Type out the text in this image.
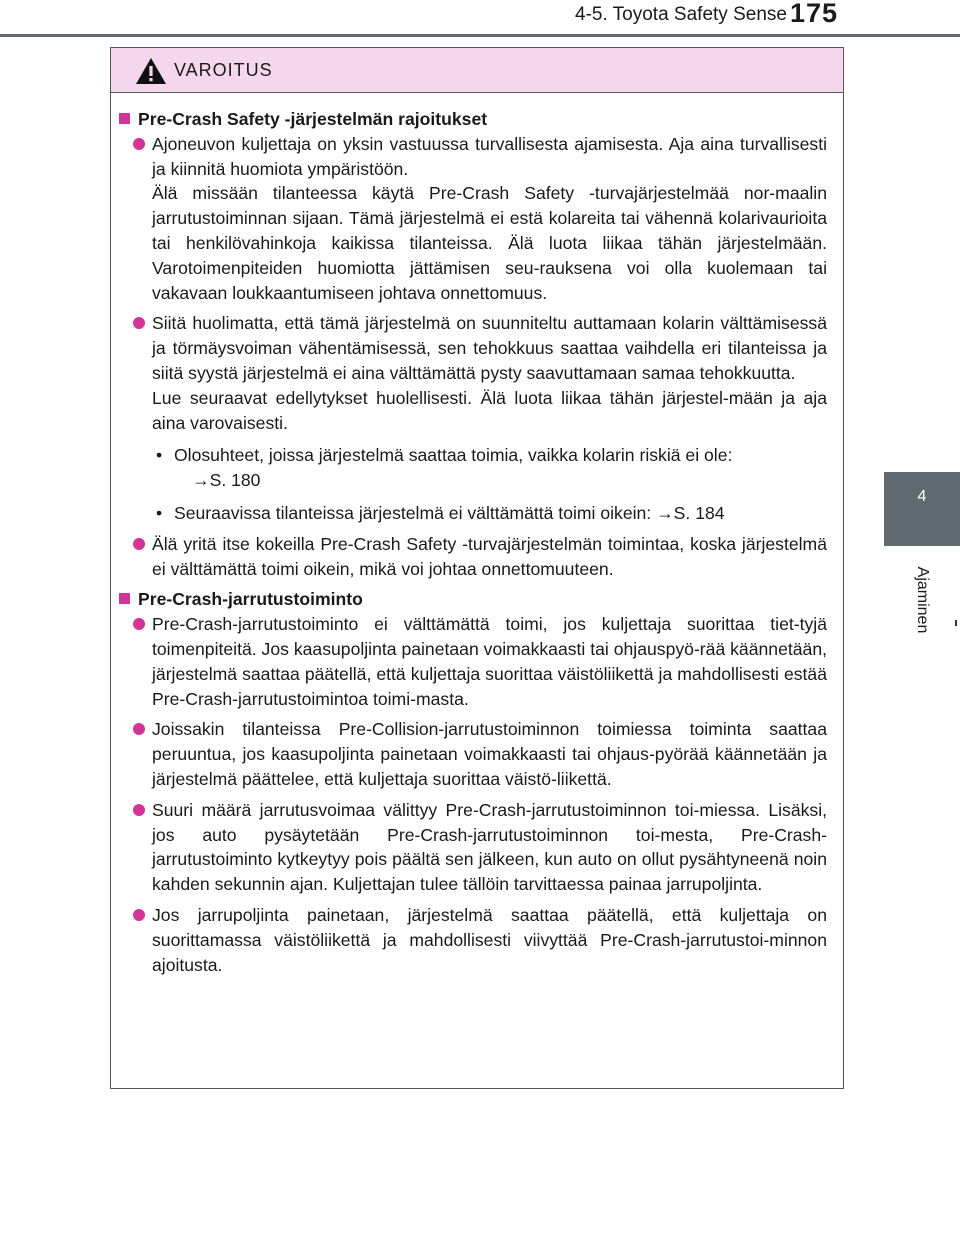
4-5. Toyota Safety Sense 175
4
Ajaminen
VAROITUS
Pre-Crash Safety -järjestelmän rajoitukset

Ajoneuvon kuljettaja on yksin vastuussa turvallisesta ajamisesta. Aja aina turvallisesti ja kiinnitä huomiota ympäristöön.

Älä missään tilanteessa käytä Pre-Crash Safety -turvajärjestelmää nor-maalin jarrutustoiminnan sijaan. Tämä järjestelmä ei estä kolareita tai vähennä kolarivaurioita tai henkilövahinkoja kaikissa tilanteissa. Älä luota liikaa tähän järjestelmään. Varotoimenpiteiden huomiotta jättämisen seu-rauksena voi olla kuolemaan tai vakavaan loukkaantumiseen johtava onnettomuus.

Siitä huolimatta, että tämä järjestelmä on suunniteltu auttamaan kolarin välttämisessä ja törmäysvoiman vähentämisessä, sen tehokkuus saattaa vaihdella eri tilanteissa ja siitä syystä järjestelmä ei aina välttämättä pysty saavuttamaan samaa tehokkuutta.

Lue seuraavat edellytykset huolellisesti. Älä luota liikaa tähän järjestel-mään ja aja aina varovaisesti.

• Olosuhteet, joissa järjestelmä saattaa toimia, vaikka kolarin riskiä ei ole:
→S. 180
• Seuraavissa tilanteissa järjestelmä ei välttämättä toimi oikein: →S. 184

Älä yritä itse kokeilla Pre-Crash Safety -turvajärjestelmän toimintaa, koska järjestelmä ei välttämättä toimi oikein, mikä voi johtaa onnettomuuteen.

Pre-Crash-jarrutustoiminto

Pre-Crash-jarrutustoiminto ei välttämättä toimi, jos kuljettaja suorittaa tiet-tyjä toimenpiteitä. Jos kaasupoljinta painetaan voimakkaasti tai ohjauspyö-rää käännetään, järjestelmä saattaa päätellä, että kuljettaja suorittaa väistöliikettä ja mahdollisesti estää Pre-Crash-jarrutustoimintoa toimi-masta.

Joissakin tilanteissa Pre-Collision-jarrutustoiminnon toimiessa toiminta saattaa peruuntua, jos kaasupoljinta painetaan voimakkaasti tai ohjaus-pyörää käännetään ja järjestelmä päättelee, että kuljettaja suorittaa väistö-liikettä.

Suuri määrä jarrutusvoimaa välittyy Pre-Crash-jarrutustoiminnon toi-miessa. Lisäksi, jos auto pysäytetään Pre-Crash-jarrutustoiminnon toi-mesta, Pre-Crash-jarrutustoiminto kytkeytyy pois päältä sen jälkeen, kun auto on ollut pysähtyneenä noin kahden sekunnin ajan. Kuljettajan tulee tällöin tarvittaessa painaa jarrupoljinta.

Jos jarrupoljinta painetaan, järjestelmä saattaa päätellä, että kuljettaja on suorittamassa väistöliikettä ja mahdollisesti viivyttää Pre-Crash-jarrutustoi-minnon ajoitusta.
